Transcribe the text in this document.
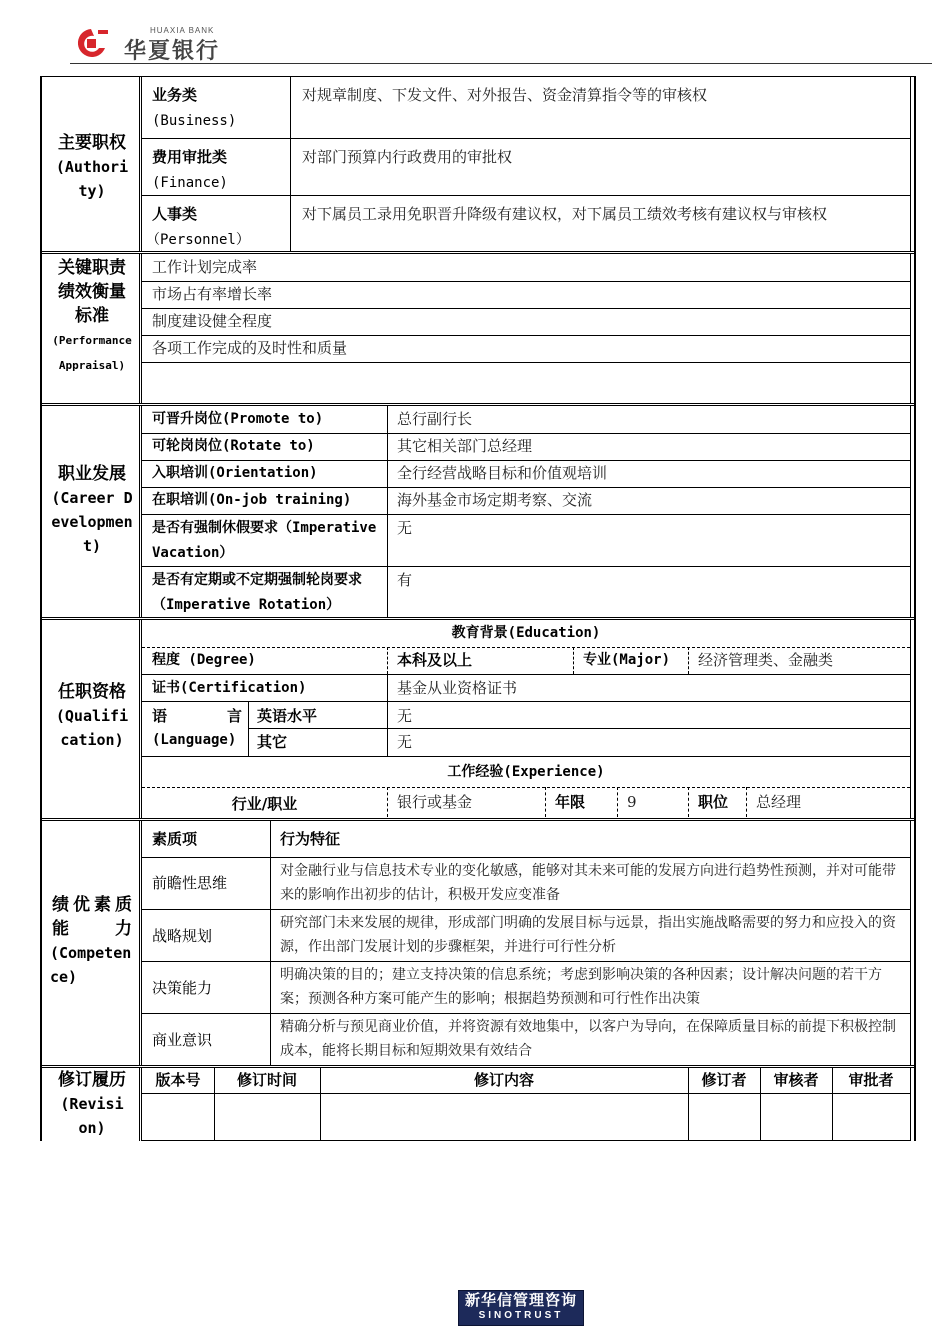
HUAXIA BANK
华夏银行
主要职权
(Authority)
业务类
(Business)
对规章制度、下发文件、对外报告、资金清算指令等的审核权
费用审批类
(Finance)
对部门预算内行政费用的审批权
人事类
（Personnel）
对下属员工录用免职晋升降级有建议权，对下属员工绩效考核有建议权与审核权
关键职责绩效衡量标准
(Performance Appraisal)
工作计划完成率
市场占有率增长率
制度建设健全程度
各项工作完成的及时性和质量
职业发展
(Career Development)
可晋升岗位(Promote to)	总行副行长
可轮岗岗位(Rotate to)	其它相关部门总经理
入职培训(Orientation)	全行经营战略目标和价值观培训
在职培训(On-job training)	海外基金市场定期考察、交流
是否有强制休假要求（Imperative Vacation）
无
是否有定期或不定期强制轮岗要求（Imperative Rotation）
有
任职资格
(Qualification)
教育背景(Education)
程度 (Degree)	本科及以上	专业(Major) 经济管理类、金融类
证书(Certification)	基金从业资格证书
语　　言
(Language)
英语水平	无
其它	无
工作经验(Experience)
行业/职业	银行或基金	年限	9	职位 总经理
绩优素质能力
(Competence)
素质项	行为特征
前瞻性思维
对金融行业与信息技术专业的变化敏感，能够对其未来可能的发展方向进行趋势性预测，并对可能带来的影响作出初步的估计，积极开发应变准备
战略规划
研究部门未来发展的规律，形成部门明确的发展目标与远景，指出实施战略需要的努力和应投入的资源，作出部门发展计划的步骤框架，并进行可行性分析
决策能力
明确决策的目的；建立支持决策的信息系统；考虑到影响决策的各种因素；设计解决问题的若干方案；预测各种方案可能产生的影响；根据趋势预测和可行性作出决策
商业意识
精确分析与预见商业价值，并将资源有效地集中，以客户为导向，在保障质量目标的前提下积极控制成本，能将长期目标和短期效果有效结合
修订履历
(Revision)
版本号	修订时间	修订内容	修订者	审核者	审批者
新华信管理咨询
SINOTRUST
